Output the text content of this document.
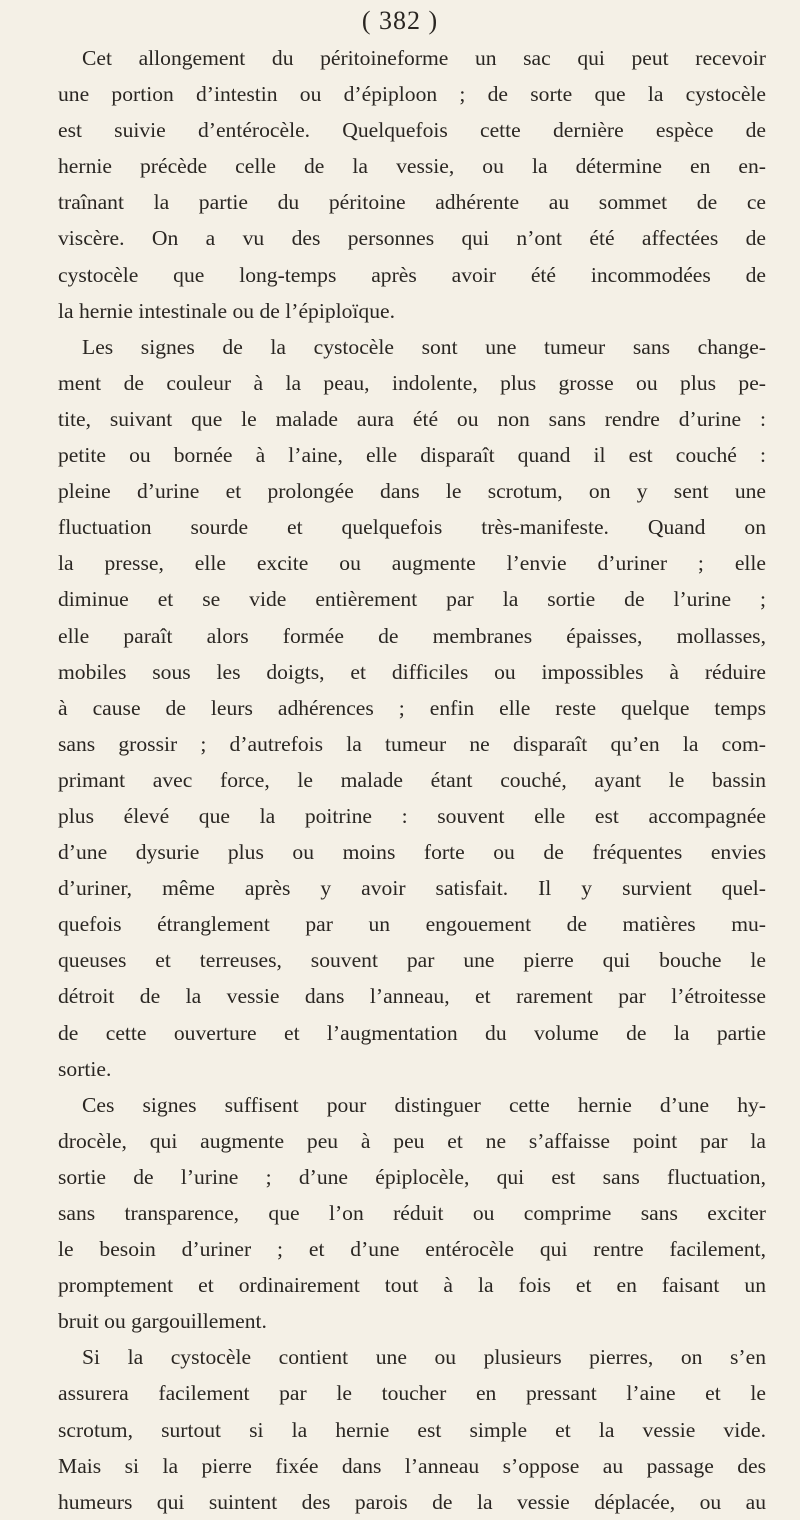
( 382 )
Cet allongement du péritoineforme un sac qui peut recevoir
une portion d’intestin ou d’épiploon ; de sorte que la cystocèle
est suivie d’entérocèle. Quelquefois cette dernière espèce de
hernie précède celle de la vessie, ou la détermine en en-
traînant la partie du péritoine adhérente au sommet de ce
viscère. On a vu des personnes qui n’ont été affectées de
cystocèle que long-temps après avoir été incommodées de
la hernie intestinale ou de l’épiploïque.
Les signes de la cystocèle sont une tumeur sans change-
ment de couleur à la peau, indolente, plus grosse ou plus pe-
tite, suivant que le malade aura été ou non sans rendre d’urine :
petite ou bornée à l’aine, elle disparaît quand il est couché :
pleine d’urine et prolongée dans le scrotum, on y sent une
fluctuation sourde et quelquefois très-manifeste. Quand on
la presse, elle excite ou augmente l’envie d’uriner ; elle
diminue et se vide entièrement par la sortie de l’urine ;
elle paraît alors formée de membranes épaisses, mollasses,
mobiles sous les doigts, et difficiles ou impossibles à réduire
à cause de leurs adhérences ; enfin elle reste quelque temps
sans grossir ; d’autrefois la tumeur ne disparaît qu’en la com-
primant avec force, le malade étant couché, ayant le bassin
plus élevé que la poitrine : souvent elle est accompagnée
d’une dysurie plus ou moins forte ou de fréquentes envies
d’uriner, même après y avoir satisfait. Il y survient quel-
quefois étranglement par un engouement de matières mu-
queuses et terreuses, souvent par une pierre qui bouche le
détroit de la vessie dans l’anneau, et rarement par l’étroitesse
de cette ouverture et l’augmentation du volume de la partie
sortie.
Ces signes suffisent pour distinguer cette hernie d’une hy-
drocèle, qui augmente peu à peu et ne s’affaisse point par la
sortie de l’urine ; d’une épiplocèle, qui est sans fluctuation,
sans transparence, que l’on réduit ou comprime sans exciter
le besoin d’uriner ; et d’une entérocèle qui rentre facilement,
promptement et ordinairement tout à la fois et en faisant un
bruit ou gargouillement.
Si la cystocèle contient une ou plusieurs pierres, on s’en
assurera facilement par le toucher en pressant l’aine et le
scrotum, surtout si la hernie est simple et la vessie vide.
Mais si la pierre fixée dans l’anneau s’oppose au passage des
humeurs qui suintent des parois de la vessie déplacée, ou au
